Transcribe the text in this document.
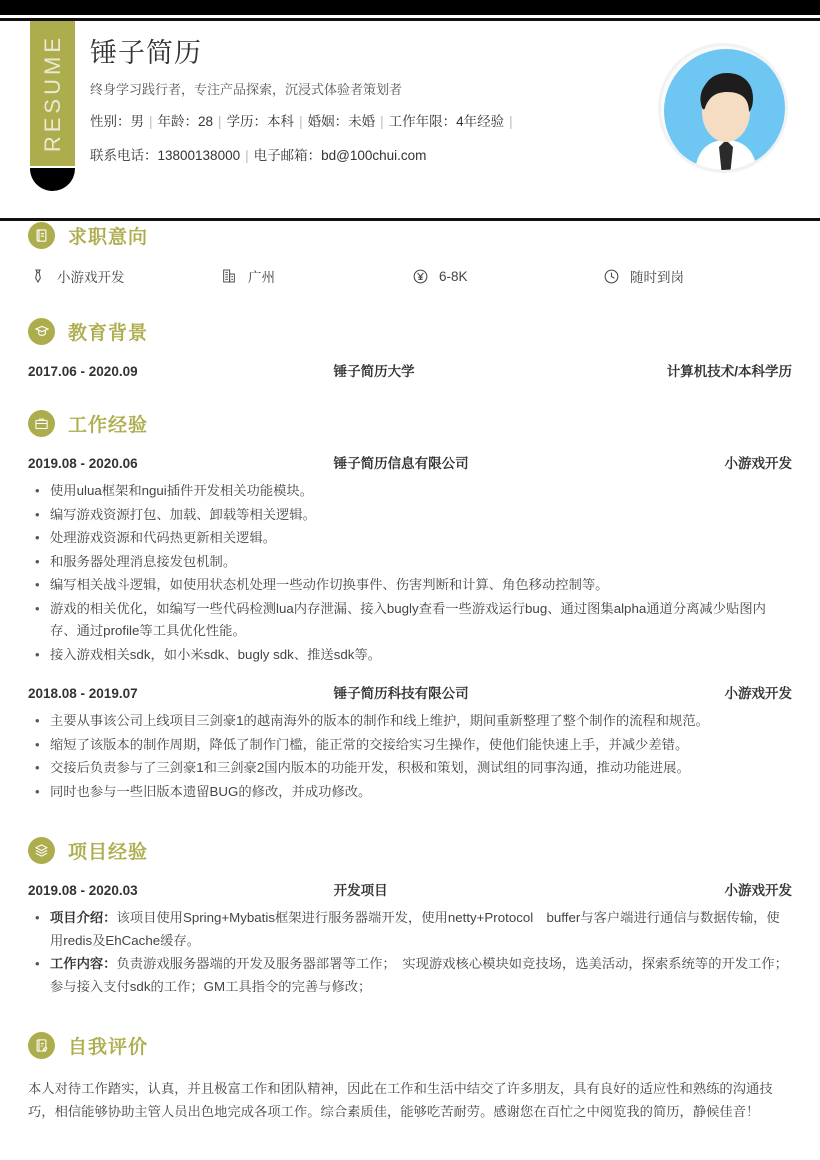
RESUME 锤子简历
终身学习践行者，专注产品探索，沉浸式体验者策划者
性别：男 | 年龄：28 | 学历：本科 | 婚姻：未婚 | 工作年限：4年经验 |
联系电话：13800138000 | 电子邮箱：bd@100chui.com
求职意向
小游戏开发	广州	6-8K	随时到岗
教育背景
2017.06 - 2020.09	锤子简历大学	计算机技术/本科学历
工作经验
2019.08 - 2020.06	锤子简历信息有限公司	小游戏开发
• 使用ulua框架和ngui插件开发相关功能模块。
• 编写游戏资源打包、加载、卸载等相关逻辑。
• 处理游戏资源和代码热更新相关逻辑。
• 和服务器处理消息接发包机制。
• 编写相关战斗逻辑，如使用状态机处理一些动作切换事件、伤害判断和计算、角色移动控制等。
• 游戏的相关优化，如编写一些代码检测lua内存泄漏、接入bugly查看一些游戏运行bug、通过图集alpha通道分离减少贴图内存、通过profile等工具优化性能。
• 接入游戏相关sdk，如小米sdk、bugly sdk、推送sdk等。
2018.08 - 2019.07	锤子简历科技有限公司	小游戏开发
• 主要从事该公司上线项目三剑豪1的越南海外的版本的制作和线上维护，期间重新整理了整个制作的流程和规范。
• 缩短了该版本的制作周期，降低了制作门槛，能正常的交接给实习生操作，使他们能快速上手，并减少差错。
• 交接后负责参与了三剑豪1和三剑豪2国内版本的功能开发，积极和策划，测试组的同事沟通，推动功能进展。
• 同时也参与一些旧版本遗留BUG的修改，并成功修改。
项目经验
2019.08 - 2020.03	开发项目	小游戏开发
• 项目介绍：该项目使用Spring+Mybatis框架进行服务器端开发，使用netty+Protocol　buffer与客户端进行通信与数据传输，使用redis及EhCache缓存。
• 工作内容：负责游戏服务器端的开发及服务器部署等工作；　实现游戏核心模块如竞技场，选美活动，探索系统等的开发工作；参与接入支付sdk的工作；GM工具指令的完善与修改；
自我评价
本人对待工作踏实，认真，并且极富工作和团队精神，因此在工作和生活中结交了许多朋友，具有良好的适应性和熟练的沟通技巧，相信能够协助主管人员出色地完成各项工作。综合素质佳，能够吃苦耐劳。感谢您在百忙之中阅览我的简历，静候佳音！
